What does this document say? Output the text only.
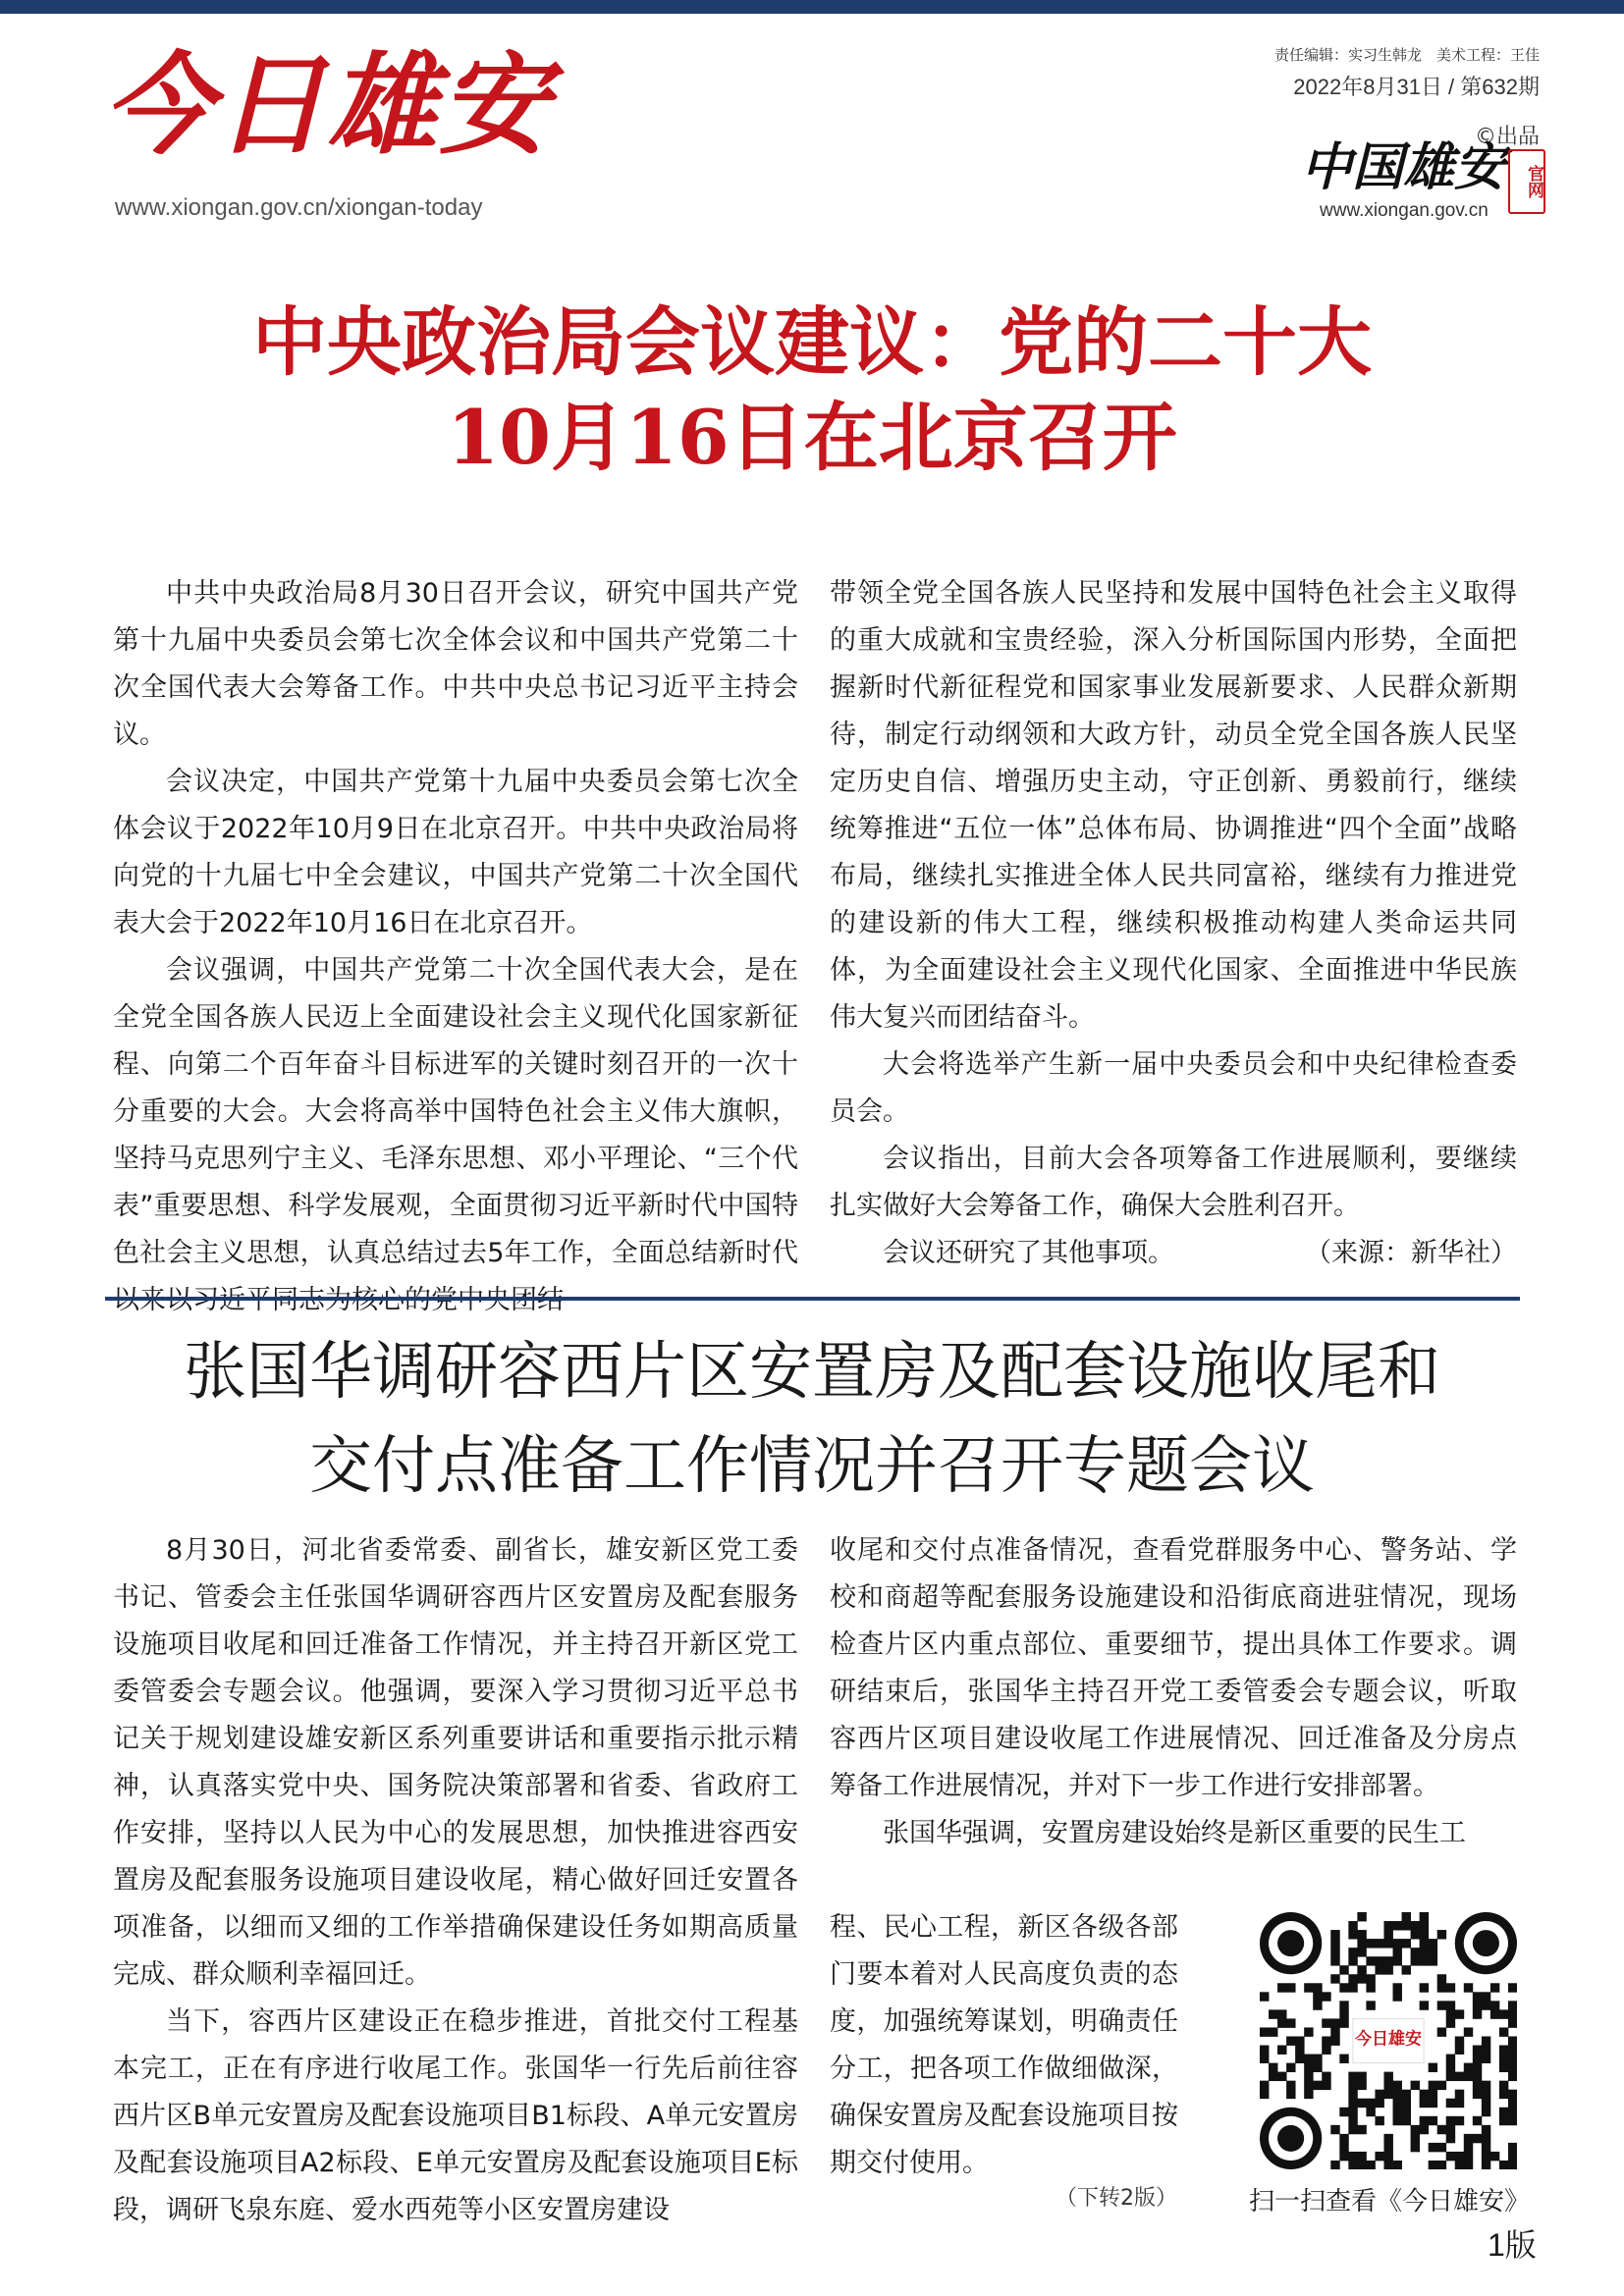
今日雄安
www.xiongan.gov.cn/xiongan-today
责任编辑：实习生韩龙　美术工程：王佳
2022年8月31日 / 第632期
©出品
中国雄安	官网
www.xiongan.gov.cn
中央政治局会议建议：党的二十大
10月16日在北京召开

中共中央政治局8月30日召开会议，研究中国共产党第十九届中央委员会第七次全体会议和中国共产党第二十次全国代表大会筹备工作。中共中央总书记习近平主持会议。

会议决定，中国共产党第十九届中央委员会第七次全体会议于2022年10月9日在北京召开。中共中央政治局将向党的十九届七中全会建议，中国共产党第二十次全国代表大会于2022年10月16日在北京召开。

会议强调，中国共产党第二十次全国代表大会，是在全党全国各族人民迈上全面建设社会主义现代化国家新征程、向第二个百年奋斗目标进军的关键时刻召开的一次十分重要的大会。大会将高举中国特色社会主义伟大旗帜，坚持马克思列宁主义、毛泽东思想、邓小平理论、“三个代表”重要思想、科学发展观，全面贯彻习近平新时代中国特色社会主义思想，认真总结过去5年工作，全面总结新时代

带领全党全国各族人民坚持和发展中国特色社会主义取得的重大成就和宝贵经验，深入分析国际国内形势，全面把握新时代新征程党和国家事业发展新要求、人民群众新期待，制定行动纲领和大政方针，动员全党全国各族人民坚定历史自信、增强历史主动，守正创新、勇毅前行，继续统筹推进“五位一体”总体布局、协调推进“四个全面”战略布局，继续扎实推进全体人民共同富裕，继续有力推进党的建设新的伟大工程，继续积极推动构建人类命运共同体，为全面建设社会主义现代化国家、全面推进中华民族伟大复兴而团结奋斗。

大会将选举产生新一届中央委员会和中央纪律检查委员会。

会议指出，目前大会各项筹备工作进展顺利，要继续扎实做好大会筹备工作，确保大会胜利召开。

会议还研究了其他事项。	（来源：新华社）
张国华调研容西片区安置房及配套设施收尾和
交付点准备工作情况并召开专题会议

8月30日，河北省委常委、副省长，雄安新区党工委书记、管委会主任张国华调研容西片区安置房及配套服务设施项目收尾和回迁准备工作情况，并主持召开新区党工委管委会专题会议。他强调，要深入学习贯彻习近平总书记关于规划建设雄安新区系列重要讲话和重要指示批示精神，认真落实党中央、国务院决策部署和省委、省政府工作安排，坚持以人民为中心的发展思想，加快推进容西安置房及配套服务设施项目建设收尾，精心做好回迁安置各项准备，以细而又细的工作举措确保建设任务如期高质量完成、群众顺利幸福回迁。

当下，容西片区建设正在稳步推进，首批交付工程基本完工，正在有序进行收尾工作。张国华一行先后前往容西片区B单元安置房及配套设施项目B1标段、A单元安置房及配套设施项目A2标段、E单元安置房及配套设施项目E标段，调研飞泉东庭、爱水西苑等小区安置房建设

收尾和交付点准备情况，查看党群服务中心、警务站、学校和商超等配套服务设施建设和沿街底商进驻情况，现场检查片区内重点部位、重要细节，提出具体工作要求。调研结束后，张国华主持召开党工委管委会专题会议，听取容西片区项目建设收尾工作进展情况、回迁准备及分房点筹备工作进展情况，并对下一步工作进行安排部署。

张国华强调，安置房建设始终是新区重要的民生工

程、民心工程，新区各级各部门要本着对人民高度负责的态度，加强统筹谋划，明确责任分工，把各项工作做细做深，确保安置房及配套设施项目按期交付使用。

（下转2版）
今日雄安
扫一扫查看《今日雄安》
1版
